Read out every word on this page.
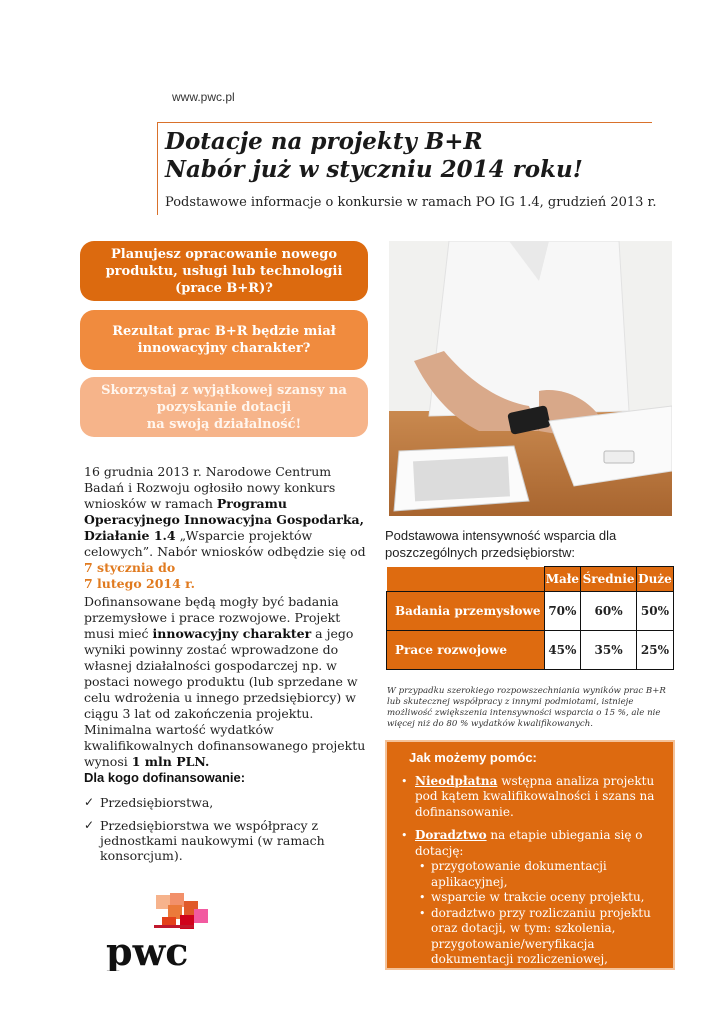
www.pwc.pl
Dotacje na projekty B+R
Nabór już w styczniu 2014 roku!
Podstawowe informacje o konkursie w ramach PO IG 1.4, grudzień 2013 r.
Planujesz opracowanie nowego
produktu, usługi lub technologii
(prace B+R)?
Rezultat prac B+R będzie miał
innowacyjny charakter?
Skorzystaj z wyjątkowej szansy na
pozyskanie dotacji
na swoją działalność!
16 grudnia 2013 r. Narodowe Centrum Badań i Rozwoju ogłosiło nowy konkurs wniosków w ramach Programu Operacyjnego Innowacyjna Gospodarka, Działanie 1.4 „Wsparcie projektów celowych”. Nabór wniosków odbędzie się od 7 stycznia do
7 lutego 2014 r.
Dofinansowane będą mogły być badania przemysłowe i prace rozwojowe. Projekt musi mieć innowacyjny charakter a jego wyniki powinny zostać wprowadzone do własnej działalności gospodarczej np. w postaci nowego produktu (lub sprzedane w celu wdrożenia u innego przedsiębiorcy) w ciągu 3 lat od zakończenia projektu. Minimalna wartość wydatków kwalifikowalnych dofinansowanego projektu wynosi 1 mln PLN.
Dla kogo dofinansowanie:
✓ Przedsiębiorstwa,
✓ Przedsiębiorstwa we współpracy z jednostkami naukowymi (w ramach konsorcjum).
pwc
Podstawowa intensywność wsparcia dla poszczególnych przedsiębiorstw:
	Małe	Średnie	Duże
Badania przemysłowe	70%	60%	50%
Prace rozwojowe	45%	35%	25%
W przypadku szerokiego rozpowszechniania wyników prac B+R lub skutecznej współpracy z innymi podmiotami, istnieje możliwość zwiększenia intensywności wsparcia o 15 %, ale nie więcej niż do 80 % wydatków kwalifikowanych.
Jak możemy pomóc:
• Nieodpłatna wstępna analiza projektu pod kątem kwalifikowalności i szans na dofinansowanie.
• Doradztwo na etapie ubiegania się o dotację:
• przygotowanie dokumentacji aplikacyjnej,
• wsparcie w trakcie oceny projektu,
• doradztwo przy rozliczaniu projektu oraz dotacji, w tym: szkolenia, przygotowanie/weryfikacja dokumentacji rozliczeniowej, przygotowanie do kontroli realizacji projektu przez upoważnione instytucje.
